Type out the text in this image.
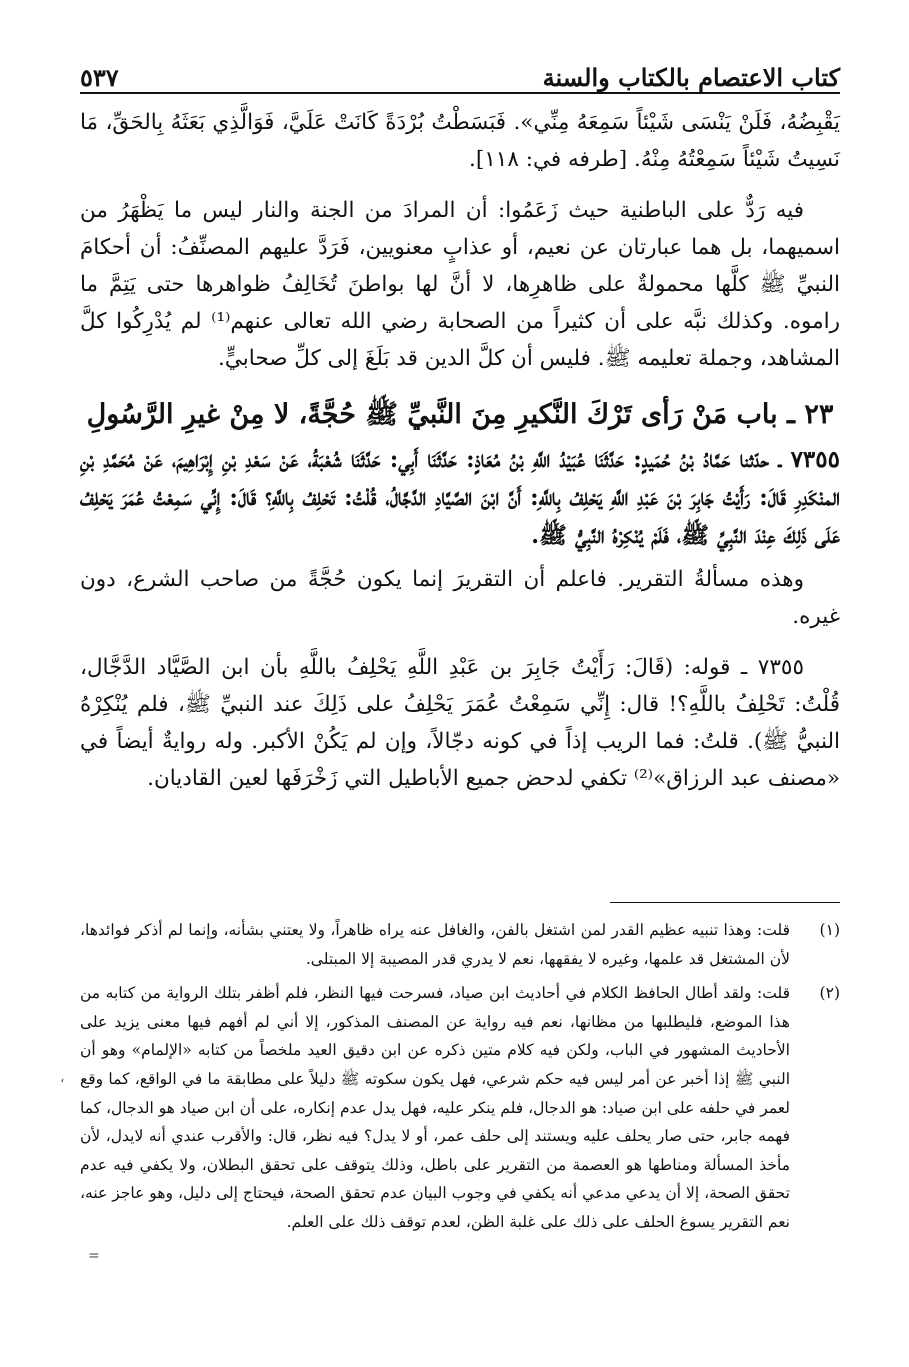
كتاب الاعتصام بالكتاب والسنة
٥٣٧

يَقْبِضُهُ، فَلَنْ يَنْسَى شَيْئاً سَمِعَهُ مِنِّي». فَبَسَطْتُ بُرْدَةً كَانَتْ عَلَيَّ، فَوَالَّذِي بَعَثَهُ بِالحَقِّ، مَا نَسِيتُ شَيْئاً سَمِعْتُهُ مِنْهُ. [طرفه في: ١١٨].

فيه رَدٌّ على الباطنية حيث زَعَمُوا: أن المرادَ من الجنة والنار ليس ما يَظْهَرُ من اسميهما، بل هما عبارتان عن نعيم، أو عذابٍ معنويين، فَرَدَّ عليهم المصنِّفُ: أن أحكامَ النبيِّ ﷺ كلَّها محمولةٌ على ظاهرِها، لا أنَّ لها بواطنَ تُخَالِفُ ظواهرها حتى يَتِمَّ ما راموه. وكذلك نبَّه على أن كثيراً من الصحابة رضي الله تعالى عنهم⁽¹⁾ لم يُدْرِكُوا كلَّ المشاهد، وجملة تعليمه ﷺ. فليس أن كلَّ الدين قد بَلَغَ إلى كلِّ صحابيٍّ.

٢٣ ـ باب مَنْ رَأى تَرْكَ النَّكيرِ مِنَ النَّبيِّ ﷺ حُجَّةً، لا مِنْ غيرِ الرَّسُولِ

٧٣٥٥ ـ حدّثنا حَمَّادُ بْنُ حُمَيدٍ: حَدَّثَنَا عُبَيْدُ اللَّهِ بْنُ مُعَاذٍ: حَدَّثَنَا أَبِي: حَدَّثَنَا شُعْبَةُ، عَنْ سَعْدِ بْنِ إِبْرَاهِيمَ، عَنْ مُحَمَّدِ بْنِ المنْكَدِرِ قَالَ: رَأَيْتُ جَابِرَ بْنَ عَبْدِ اللَّهِ يَحْلِفُ بِاللَّهِ: أَنَّ ابْنَ الصَّيَّادِ الدَّجَّالُ، قُلْتُ: تَحْلِفُ بِاللَّهِ؟ قَالَ: إِنِّي سَمِعْتُ عُمَرَ يَحْلِفُ عَلَى ذَلِكَ عِنْدَ النَّبِيِّ ﷺ، فَلَمْ يُنْكِرْهُ النَّبِيُّ ﷺ.

وهذه مسألةُ التقرير. فاعلم أن التقريرَ إنما يكون حُجَّةً من صاحب الشرع، دون غيره.

٧٣٥٥ ـ قوله: (قَالَ: رَأَيْتُ جَابِرَ بن عَبْدِ اللَّهِ يَحْلِفُ باللَّهِ بأن ابن الصَّيَّاد الدَّجَّال، قُلْتُ: تَحْلِفُ باللَّهِ؟! قال: إِنِّي سَمِعْتُ عُمَرَ يَحْلِفُ على ذَلِكَ عند النبيِّ ﷺ، فلم يُنْكِرْهُ النبيُّ ﷺ). قلتُ: فما الريب إذاً في كونه دجّالاً، وإن لم يَكُنْ الأكبر. وله روايةٌ أيضاً في «مصنف عبد الرزاق»⁽²⁾ تكفي لدحض جميع الأباطيل التي زَخْرَفَها لعين القاديان.

(١)
قلت: وهذا تنبيه عظيم القدر لمن اشتغل بالفن، والغافل عنه يراه ظاهراً، ولا يعتني بشأنه، وإنما لم أذكر فوائدها، لأن المشتغل قد علمها، وغيره لا يفقهها، نعم لا يدري قدر المصيبة إلا المبتلى.
(٢)
قلت: ولقد أطال الحافظ الكلام في أحاديث ابن صياد، فسرحت فيها النظر، فلم أظفر بتلك الرواية من كتابه من هذا الموضع، فليطلبها من مظانها، نعم فيه رواية عن المصنف المذكور، إلا أني لم أفهم فيها معنى يزيد على الأحاديث المشهور في الباب، ولكن فيه كلام متين ذكره عن ابن دقيق العيد ملخصاً من كتابه «الإلمام» وهو أن النبي ﷺ إذا أخبر عن أمر ليس فيه حكم شرعي، فهل يكون سكوته ﷺ دليلاً على مطابقة ما في الواقع، كما وقع لعمر في حلفه على ابن صياد: هو الدجال، فلم ينكر عليه، فهل يدل عدم إنكاره، على أن ابن صياد هو الدجال، كما فهمه جابر، حتى صار يحلف عليه ويستند إلى حلف عمر، أو لا يدل؟ فيه نظر، قال: والأقرب عندي أنه لايدل، لأن مأخذ المسألة ومناطها هو العصمة من التقرير على باطل، وذلك يتوقف على تحقق البطلان، ولا يكفي فيه عدم تحقق الصحة، إلا أن يدعي مدعي أنه يكفي في وجوب البيان عدم تحقق الصحة، فيحتاج إلى دليل، وهو عاجز عنه، نعم التقرير يسوغ الحلف على ذلك على غلبة الظن، لعدم توقف ذلك على العلم.
،
=
